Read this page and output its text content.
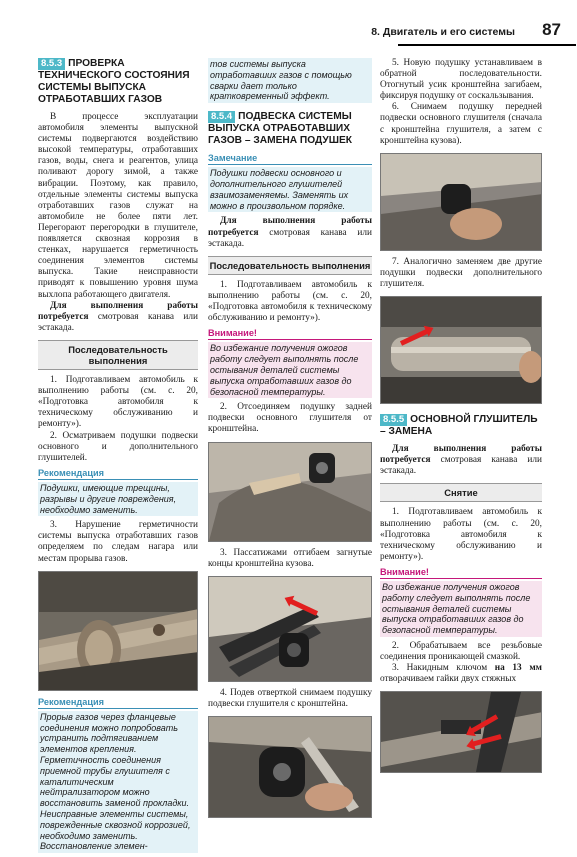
8. Двигатель и его системы 87
8.5.3 ПРОВЕРКА ТЕХНИЧЕСКОГО СОСТОЯНИЯ СИСТЕМЫ ВЫПУСКА ОТРАБОТАВШИХ ГАЗОВ

В процессе эксплуатации автомобиля элементы выпускной системы подвергаются воздействию высокой температуры, отработавших газов, воды, снега и реагентов, улица поливают дорогу зимой, а также вибрации. Поэтому, как правило, отдельные элементы системы выпуска отработавших газов служат на автомобиле не более пяти лет. Перегорают перегородки в глушителе, появляется сквозная коррозия в стенках, нарушается герметичность соединения элементов системы выпуска. Такие неисправности приводят к повышению уровня шума выхлопа работающего двигателя.

Для выполнения работы потребуется смотровая канава или эстакада.

Последовательность выполнения

1. Подготавливаем автомобиль к выполнению работы (см. с. 20, «Подготовка автомобиля к техническому обслуживанию и ремонту»).

2. Осматриваем подушки подвески основного и дополнительного глушителей.

Рекомендация
Подушки, имеющие трещины, разрывы и другие повреждения, необходимо заменить.

3. Нарушение герметичности системы выпуска отработавших газов определяем по следам нагара или местам прорыва газов.

Рекомендация
Прорыв газов через фланцевые соединения можно попробовать устранить подтягиванием элементов крепления. Герметичность соединения приемной трубы глушителя с каталитическим нейтрализатором можно восстановить заменой прокладки. Неисправные элементы системы, поврежденные сквозной коррозией, необходимо заменить. Восстановление элемен-
тов системы выпуска отработавших газов с помощью сварки дает только кратковременный эффект.
8.5.4 ПОДВЕСКА СИСТЕМЫ ВЫПУСКА ОТРАБОТАВШИХ ГАЗОВ – ЗАМЕНА ПОДУШЕК
Замечание
Подушки подвески основного и дополнительного глушителей взаимозаменяемы. Заменять их можно в произвольном порядке.

Для выполнения работы потребуется смотровая канава или эстакада.

Последовательность выполнения

1. Подготавливаем автомобиль к выполнению работы (см. с. 20, «Подготовка автомобиля к техническому обслуживанию и ремонту»).

Внимание!
Во избежание получения ожогов работу следует выполнять после остывания деталей системы выпуска отработавших газов до безопасной температуры.

2. Отсоединяем подушку задней подвески основного глушителя от кронштейна.

3. Пассатижами отгибаем загнутые концы кронштейна кузова.

4. Подев отверткой снимаем подушку подвески глушителя с кронштейна.

5. Новую подушку устанавливаем в обратной последовательности. Отогнутый усик кронштейна загибаем, фиксируя подушку от соскальзывания.

6. Снимаем подушку передней подвески основного глушителя (сначала с кронштейна глушителя, а затем с кронштейна кузова).

7. Аналогично заменяем две другие подушки подвески дополнительного глушителя.

8.5.5 ОСНОВНОЙ ГЛУШИТЕЛЬ – ЗАМЕНА

Для выполнения работы потребуется смотровая канава или эстакада.

Снятие

1. Подготавливаем автомобиль к выполнению работы (см. с. 20, «Подготовка автомобиля к техническому обслуживанию и ремонту»).

Внимание!
Во избежание получения ожогов работу следует выполнять после остывания деталей системы выпуска отработавших газов до безопасной температуры.

2. Обрабатываем все резьбовые соединения проникающей смазкой.

3. Накидным ключом на 13 мм отворачиваем гайки двух стяжных
